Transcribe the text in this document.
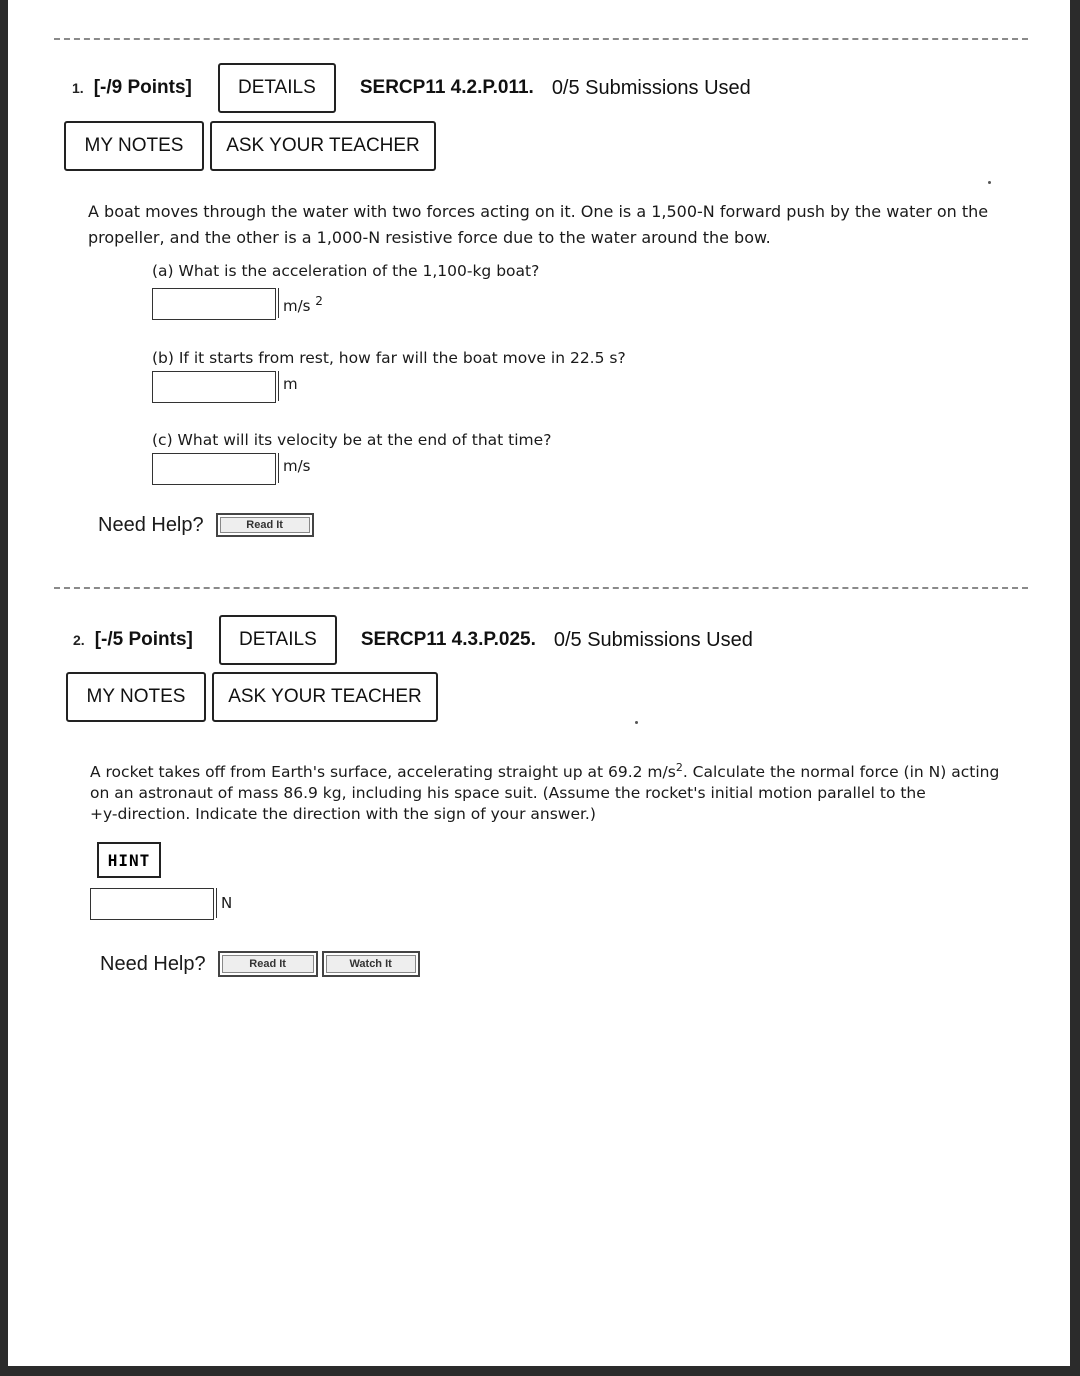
1. [-/9 Points]	DETAILS	SERCP11 4.2.P.011. 0/5 Submissions Used
MY NOTES	ASK YOUR TEACHER
A boat moves through the water with two forces acting on it. One is a 1,500-N forward push by the water on the
propeller, and the other is a 1,000-N resistive force due to the water around the bow.
(a) What is the acceleration of the 1,100-kg boat?
m/s $^2$
(b) If it starts from rest, how far will the boat move in 22.5 s?
m
(c) What will its velocity be at the end of that time?
m/s
Need Help?	Read It
2. [-/5 Points]	DETAILS	SERCP11 4.3.P.025. 0/5 Submissions Used
MY NOTES	ASK YOUR TEACHER
A rocket takes off from Earth's surface, accelerating straight up at 69.2 $m/s^2$. Calculate the normal force (in N) acting
on an astronaut of mass 86.9 kg, including his space suit. (Assume the rocket's initial motion parallel to the
+y-direction. Indicate the direction with the sign of your answer.)
HINT
N
Need Help?	Read It	Watch It
